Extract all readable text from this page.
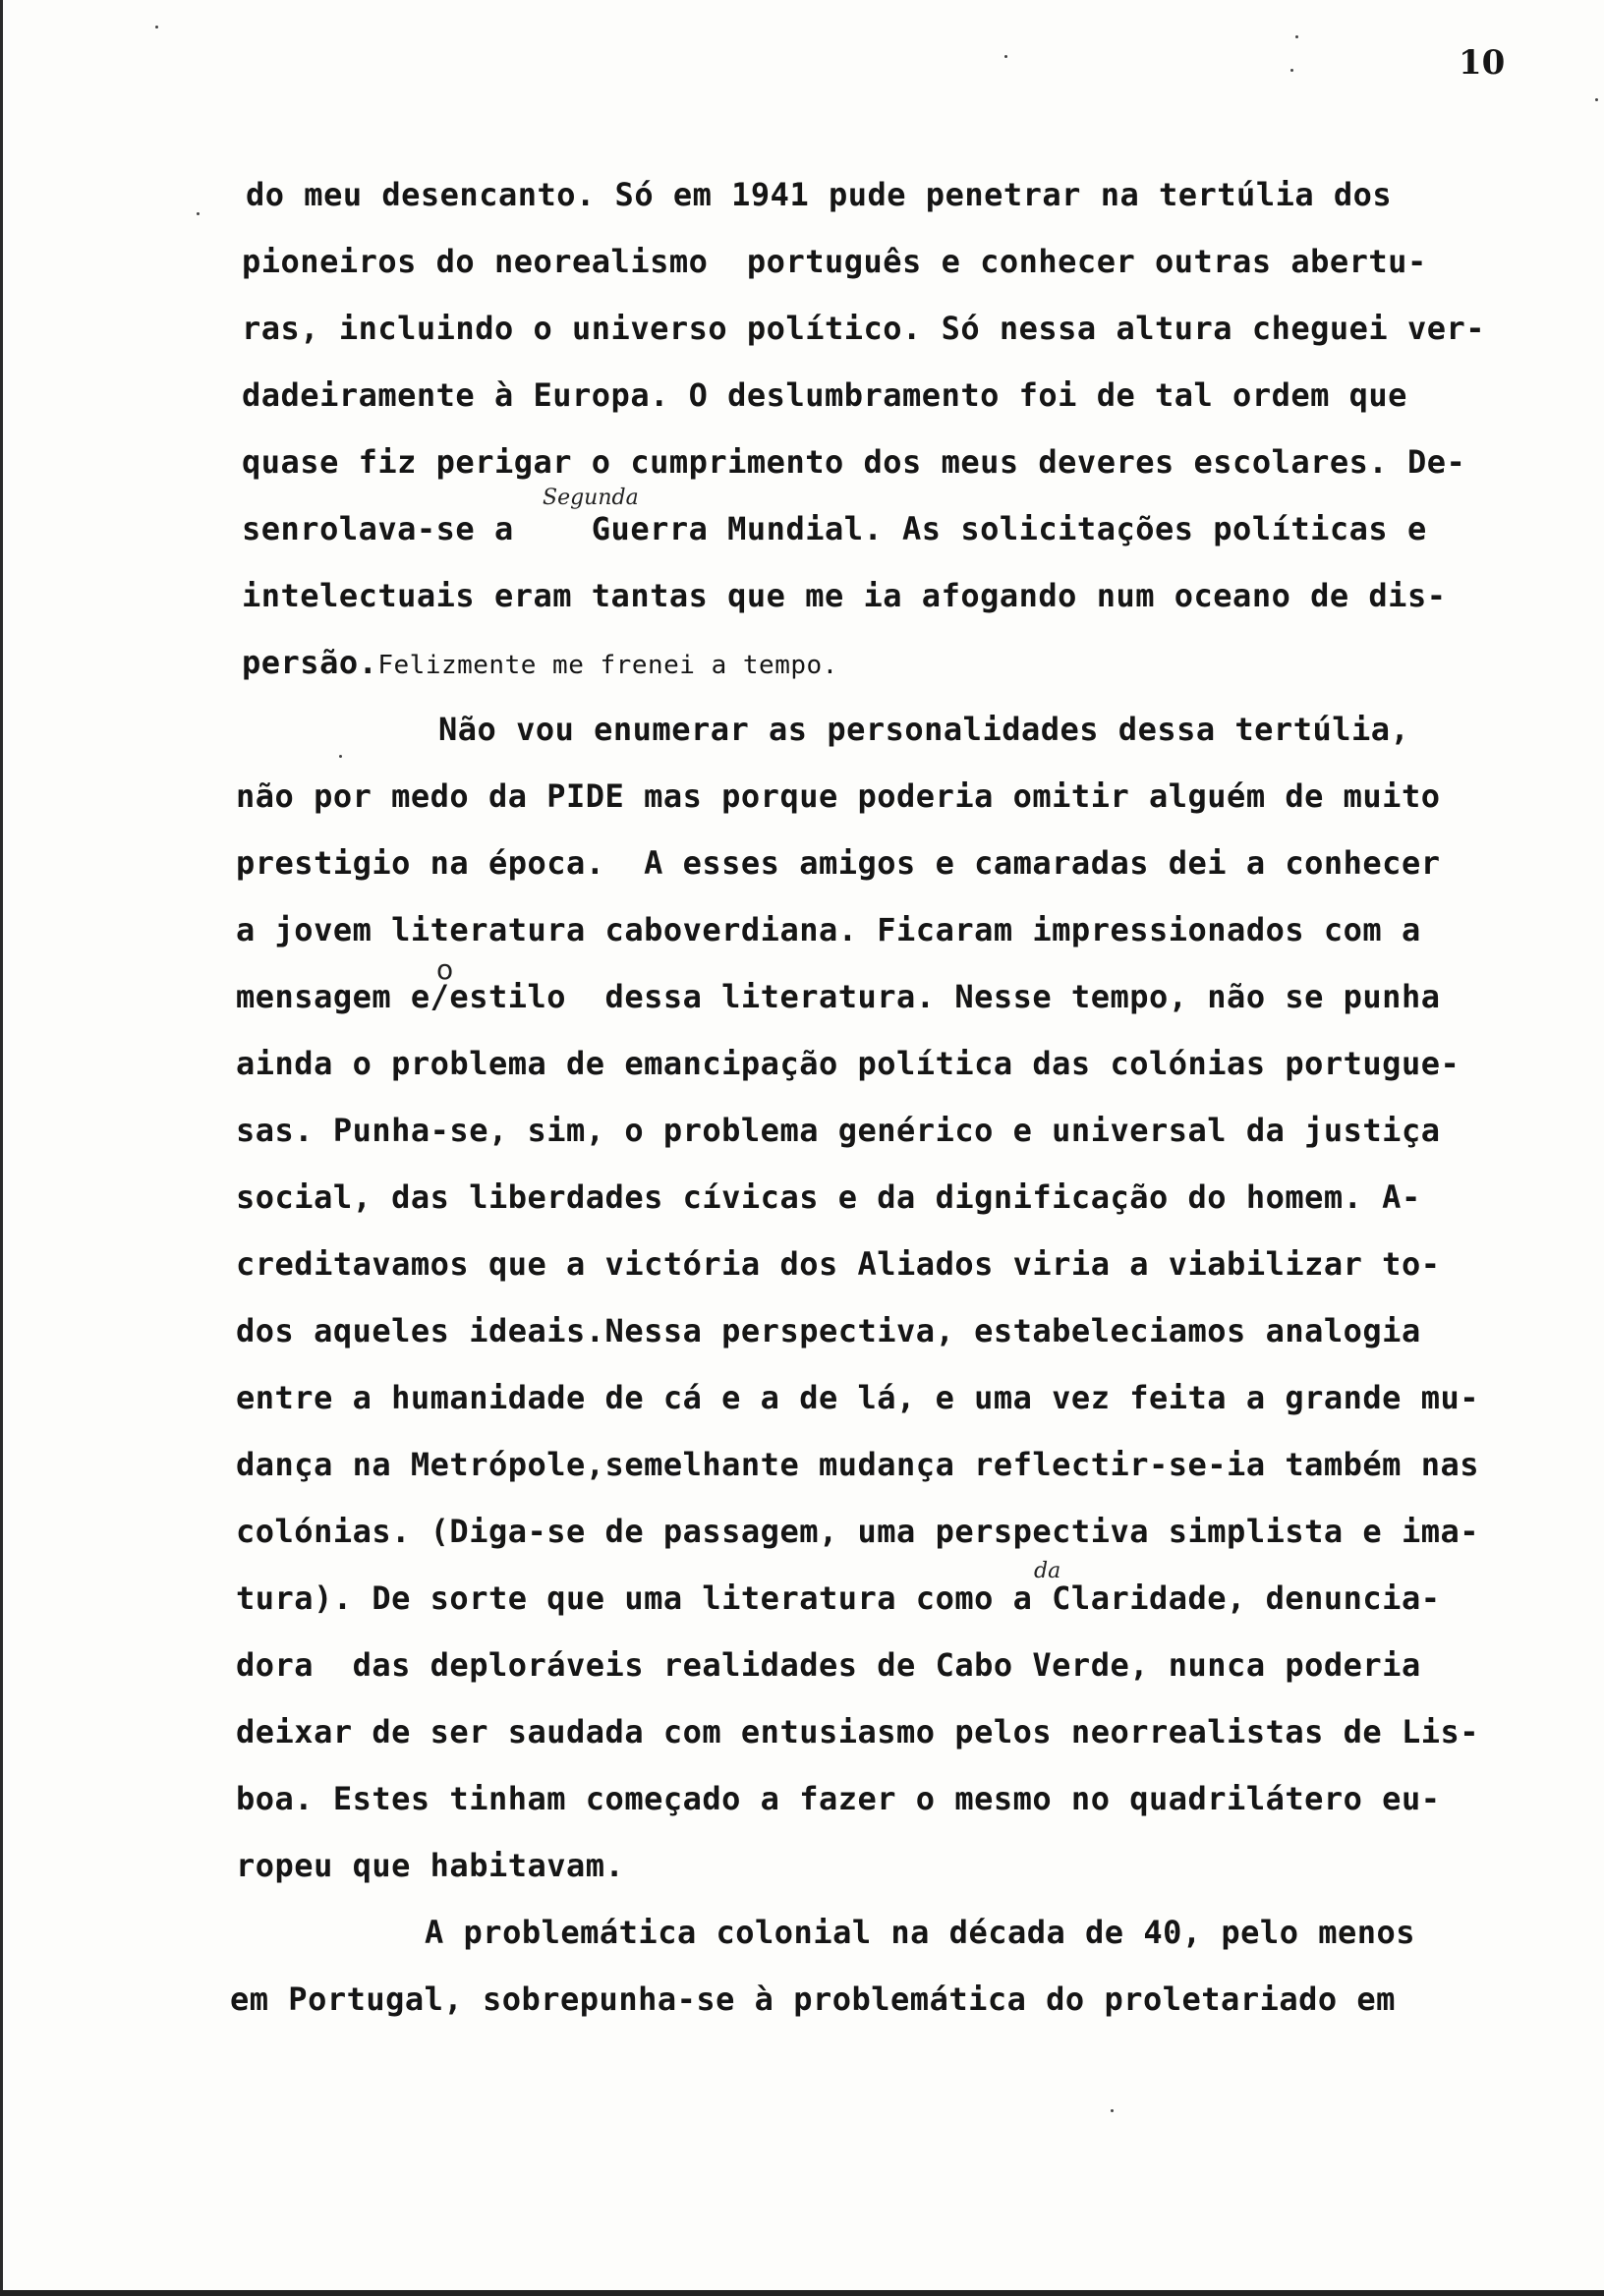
10
do meu desencanto. Só em 1941 pude penetrar na tertúlia dos
pioneiros do neorealismo  português e conhecer outras abertu-
ras, incluindo o universo político. Só nessa altura cheguei ver-
dadeiramente à Europa. O deslumbramento foi de tal ordem que
quase fiz perigar o cumprimento dos meus deveres escolares. De-
Segunda
senrolava-se a    Guerra Mundial. As solicitações políticas e
intelectuais eram tantas que me ia afogando num oceano de dis-
persão.Felizmente me frenei a tempo.
Não vou enumerar as personalidades dessa tertúlia,
não por medo da PIDE mas porque poderia omitir alguém de muito
prestigio na época.  A esses amigos e camaradas dei a conhecer
a jovem literatura caboverdiana. Ficaram impressionados com a
o
mensagem e/estilo  dessa literatura. Nesse tempo, não se punha
ainda o problema de emancipação política das colónias portugue-
sas. Punha-se, sim, o problema genérico e universal da justiça
social, das liberdades cívicas e da dignificação do homem. A-
creditavamos que a victória dos Aliados viria a viabilizar to-
dos aqueles ideais.Nessa perspectiva, estabeleciamos analogia
entre a humanidade de cá e a de lá, e uma vez feita a grande mu-
dança na Metrópole,semelhante mudança reflectir-se-ia também nas
colónias. (Diga-se de passagem, uma perspectiva simplista e ima-
da
tura). De sorte que uma literatura como a Claridade, denuncia-
dora  das deploráveis realidades de Cabo Verde, nunca poderia
deixar de ser saudada com entusiasmo pelos neorrealistas de Lis-
boa. Estes tinham começado a fazer o mesmo no quadrilátero eu-
ropeu que habitavam.
A problemática colonial na década de 40, pelo menos
em Portugal, sobrepunha-se à problemática do proletariado em
